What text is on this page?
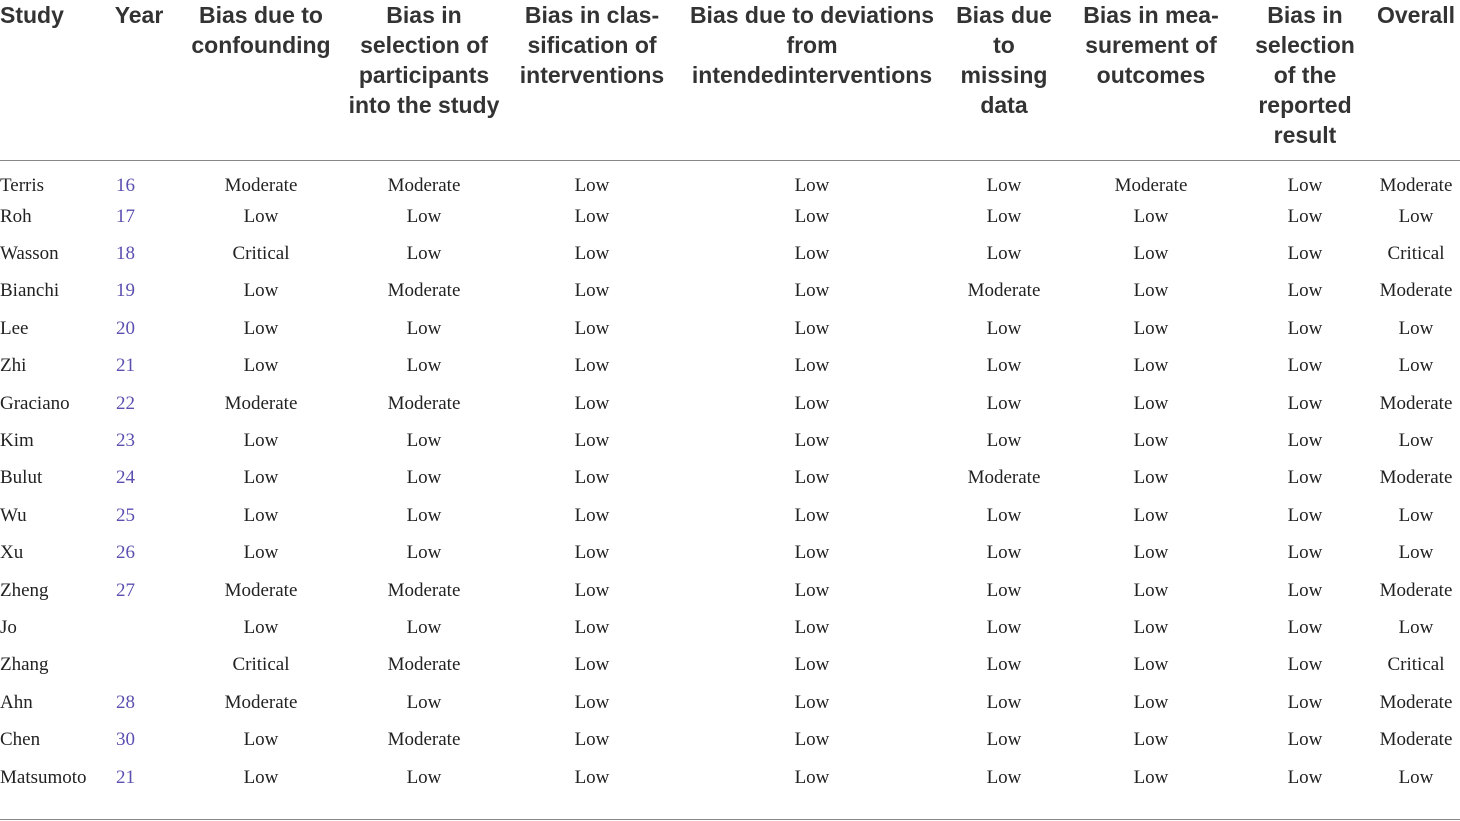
Study	Year	Bias due to confounding	Bias in selection of participants into the study	Bias in clas-sification of interventions	Bias due to deviations from intendedinterventions	Bias due to missing data	Bias in mea-surement of outcomes	Bias in selection of the reported result	Overall
Terris	16	Moderate	Moderate	Low	Low	Low	Moderate	Low	Moderate
Roh	17	Low	Low	Low	Low	Low	Low	Low	Low
Wasson	18	Critical	Low	Low	Low	Low	Low	Low	Critical
Bianchi	19	Low	Moderate	Low	Low	Moderate	Low	Low	Moderate
Lee	20	Low	Low	Low	Low	Low	Low	Low	Low
Zhi	21	Low	Low	Low	Low	Low	Low	Low	Low
Graciano	22	Moderate	Moderate	Low	Low	Low	Low	Low	Moderate
Kim	23	Low	Low	Low	Low	Low	Low	Low	Low
Bulut	24	Low	Low	Low	Low	Moderate	Low	Low	Moderate
Wu	25	Low	Low	Low	Low	Low	Low	Low	Low
Xu	26	Low	Low	Low	Low	Low	Low	Low	Low
Zheng	27	Moderate	Moderate	Low	Low	Low	Low	Low	Moderate
Jo		Low	Low	Low	Low	Low	Low	Low	Low
Zhang		Critical	Moderate	Low	Low	Low	Low	Low	Critical
Ahn	28	Moderate	Low	Low	Low	Low	Low	Low	Moderate
Chen	30	Low	Moderate	Low	Low	Low	Low	Low	Moderate
Matsumoto	21	Low	Low	Low	Low	Low	Low	Low	Low
